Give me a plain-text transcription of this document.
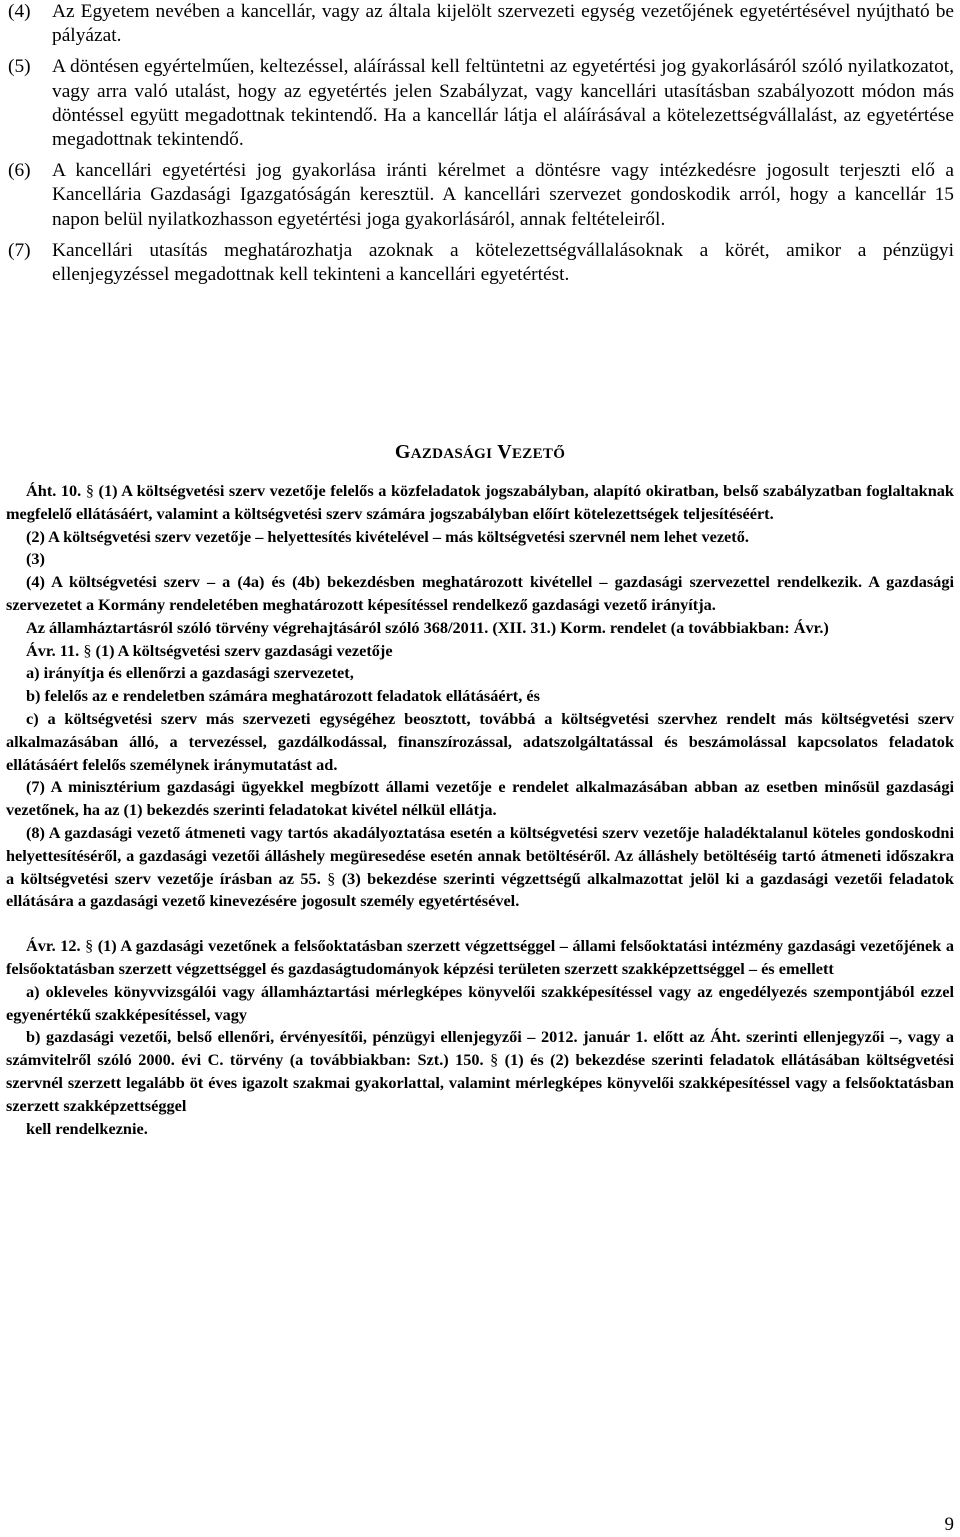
(4)	Az Egyetem nevében a kancellár, vagy az általa kijelölt szervezeti egység vezetőjének egyetértésével nyújtható be pályázat.
(5)	A döntésen egyértelműen, keltezéssel, aláírással kell feltüntetni az egyetértési jog gyakorlásáról szóló nyilatkozatot, vagy arra való utalást, hogy az egyetértés jelen Szabályzat, vagy kancellári utasításban szabályozott módon más döntéssel együtt megadottnak tekintendő. Ha a kancellár látja el aláírásával a kötelezettségvállalást, az egyetértése megadottnak tekintendő.
(6)	A kancellári egyetértési jog gyakorlása iránti kérelmet a döntésre vagy intézkedésre jogosult terjeszti elő a Kancellária Gazdasági Igazgatóságán keresztül. A kancellári szervezet gondoskodik arról, hogy a kancellár 15 napon belül nyilatkozhasson egyetértési joga gyakorlásáról, annak feltételeiről.
(7)	Kancellári utasítás meghatározhatja azoknak a kötelezettségvállalásoknak a körét, amikor a pénzügyi ellenjegyzéssel megadottnak kell tekinteni a kancellári egyetértést.
GAZDASÁGI VEZETŐ

Áht. 10. § (1) A költségvetési szerv vezetője felelős a közfeladatok jogszabályban, alapító okiratban, belső szabályzatban foglaltaknak megfelelő ellátásáért, valamint a költségvetési szerv számára jogszabályban előírt kötelezettségek teljesítéséért.

(2) A költségvetési szerv vezetője – helyettesítés kivételével – más költségvetési szervnél nem lehet vezető.

(3)

(4) A költségvetési szerv – a (4a) és (4b) bekezdésben meghatározott kivétellel – gazdasági szervezettel rendelkezik. A gazdasági szervezetet a Kormány rendeletében meghatározott képesítéssel rendelkező gazdasági vezető irányítja.

Az államháztartásról szóló törvény végrehajtásáról szóló 368/2011. (XII. 31.) Korm. rendelet (a továbbiakban: Ávr.)

Ávr. 11. § (1) A költségvetési szerv gazdasági vezetője

a) irányítja és ellenőrzi a gazdasági szervezetet,

b) felelős az e rendeletben számára meghatározott feladatok ellátásáért, és

c) a költségvetési szerv más szervezeti egységéhez beosztott, továbbá a költségvetési szervhez rendelt más költségvetési szerv alkalmazásában álló, a tervezéssel, gazdálkodással, finanszírozással, adatszolgáltatással és beszámolással kapcsolatos feladatok ellátásáért felelős személynek iránymutatást ad.

(7) A minisztérium gazdasági ügyekkel megbízott állami vezetője e rendelet alkalmazásában abban az esetben minősül gazdasági vezetőnek, ha az (1) bekezdés szerinti feladatokat kivétel nélkül ellátja.

(8) A gazdasági vezető átmeneti vagy tartós akadályoztatása esetén a költségvetési szerv vezetője haladéktalanul köteles gondoskodni helyettesítéséről, a gazdasági vezetői álláshely megüresedése esetén annak betöltéséről. Az álláshely betöltéséig tartó átmeneti időszakra a költségvetési szerv vezetője írásban az 55. § (3) bekezdése szerinti végzettségű alkalmazottat jelöl ki a gazdasági vezetői feladatok ellátására a gazdasági vezető kinevezésére jogosult személy egyetértésével.

Ávr. 12. § (1) A gazdasági vezetőnek a felsőoktatásban szerzett végzettséggel – állami felsőoktatási intézmény gazdasági vezetőjének a felsőoktatásban szerzett végzettséggel és gazdaságtudományok képzési területen szerzett szakképzettséggel – és emellett

a) okleveles könyvvizsgálói vagy államháztartási mérlegképes könyvelői szakképesítéssel vagy az engedélyezés szempontjából ezzel egyenértékű szakképesítéssel, vagy

b) gazdasági vezetői, belső ellenőri, érvényesítői, pénzügyi ellenjegyzői – 2012. január 1. előtt az Áht. szerinti ellenjegyzői –, vagy a számvitelről szóló 2000. évi C. törvény (a továbbiakban: Szt.) 150. § (1) és (2) bekezdése szerinti feladatok ellátásában költségvetési szervnél szerzett legalább öt éves igazolt szakmai gyakorlattal, valamint mérlegképes könyvelői szakképesítéssel vagy a felsőoktatásban szerzett szakképzettséggel

kell rendelkeznie.

9
